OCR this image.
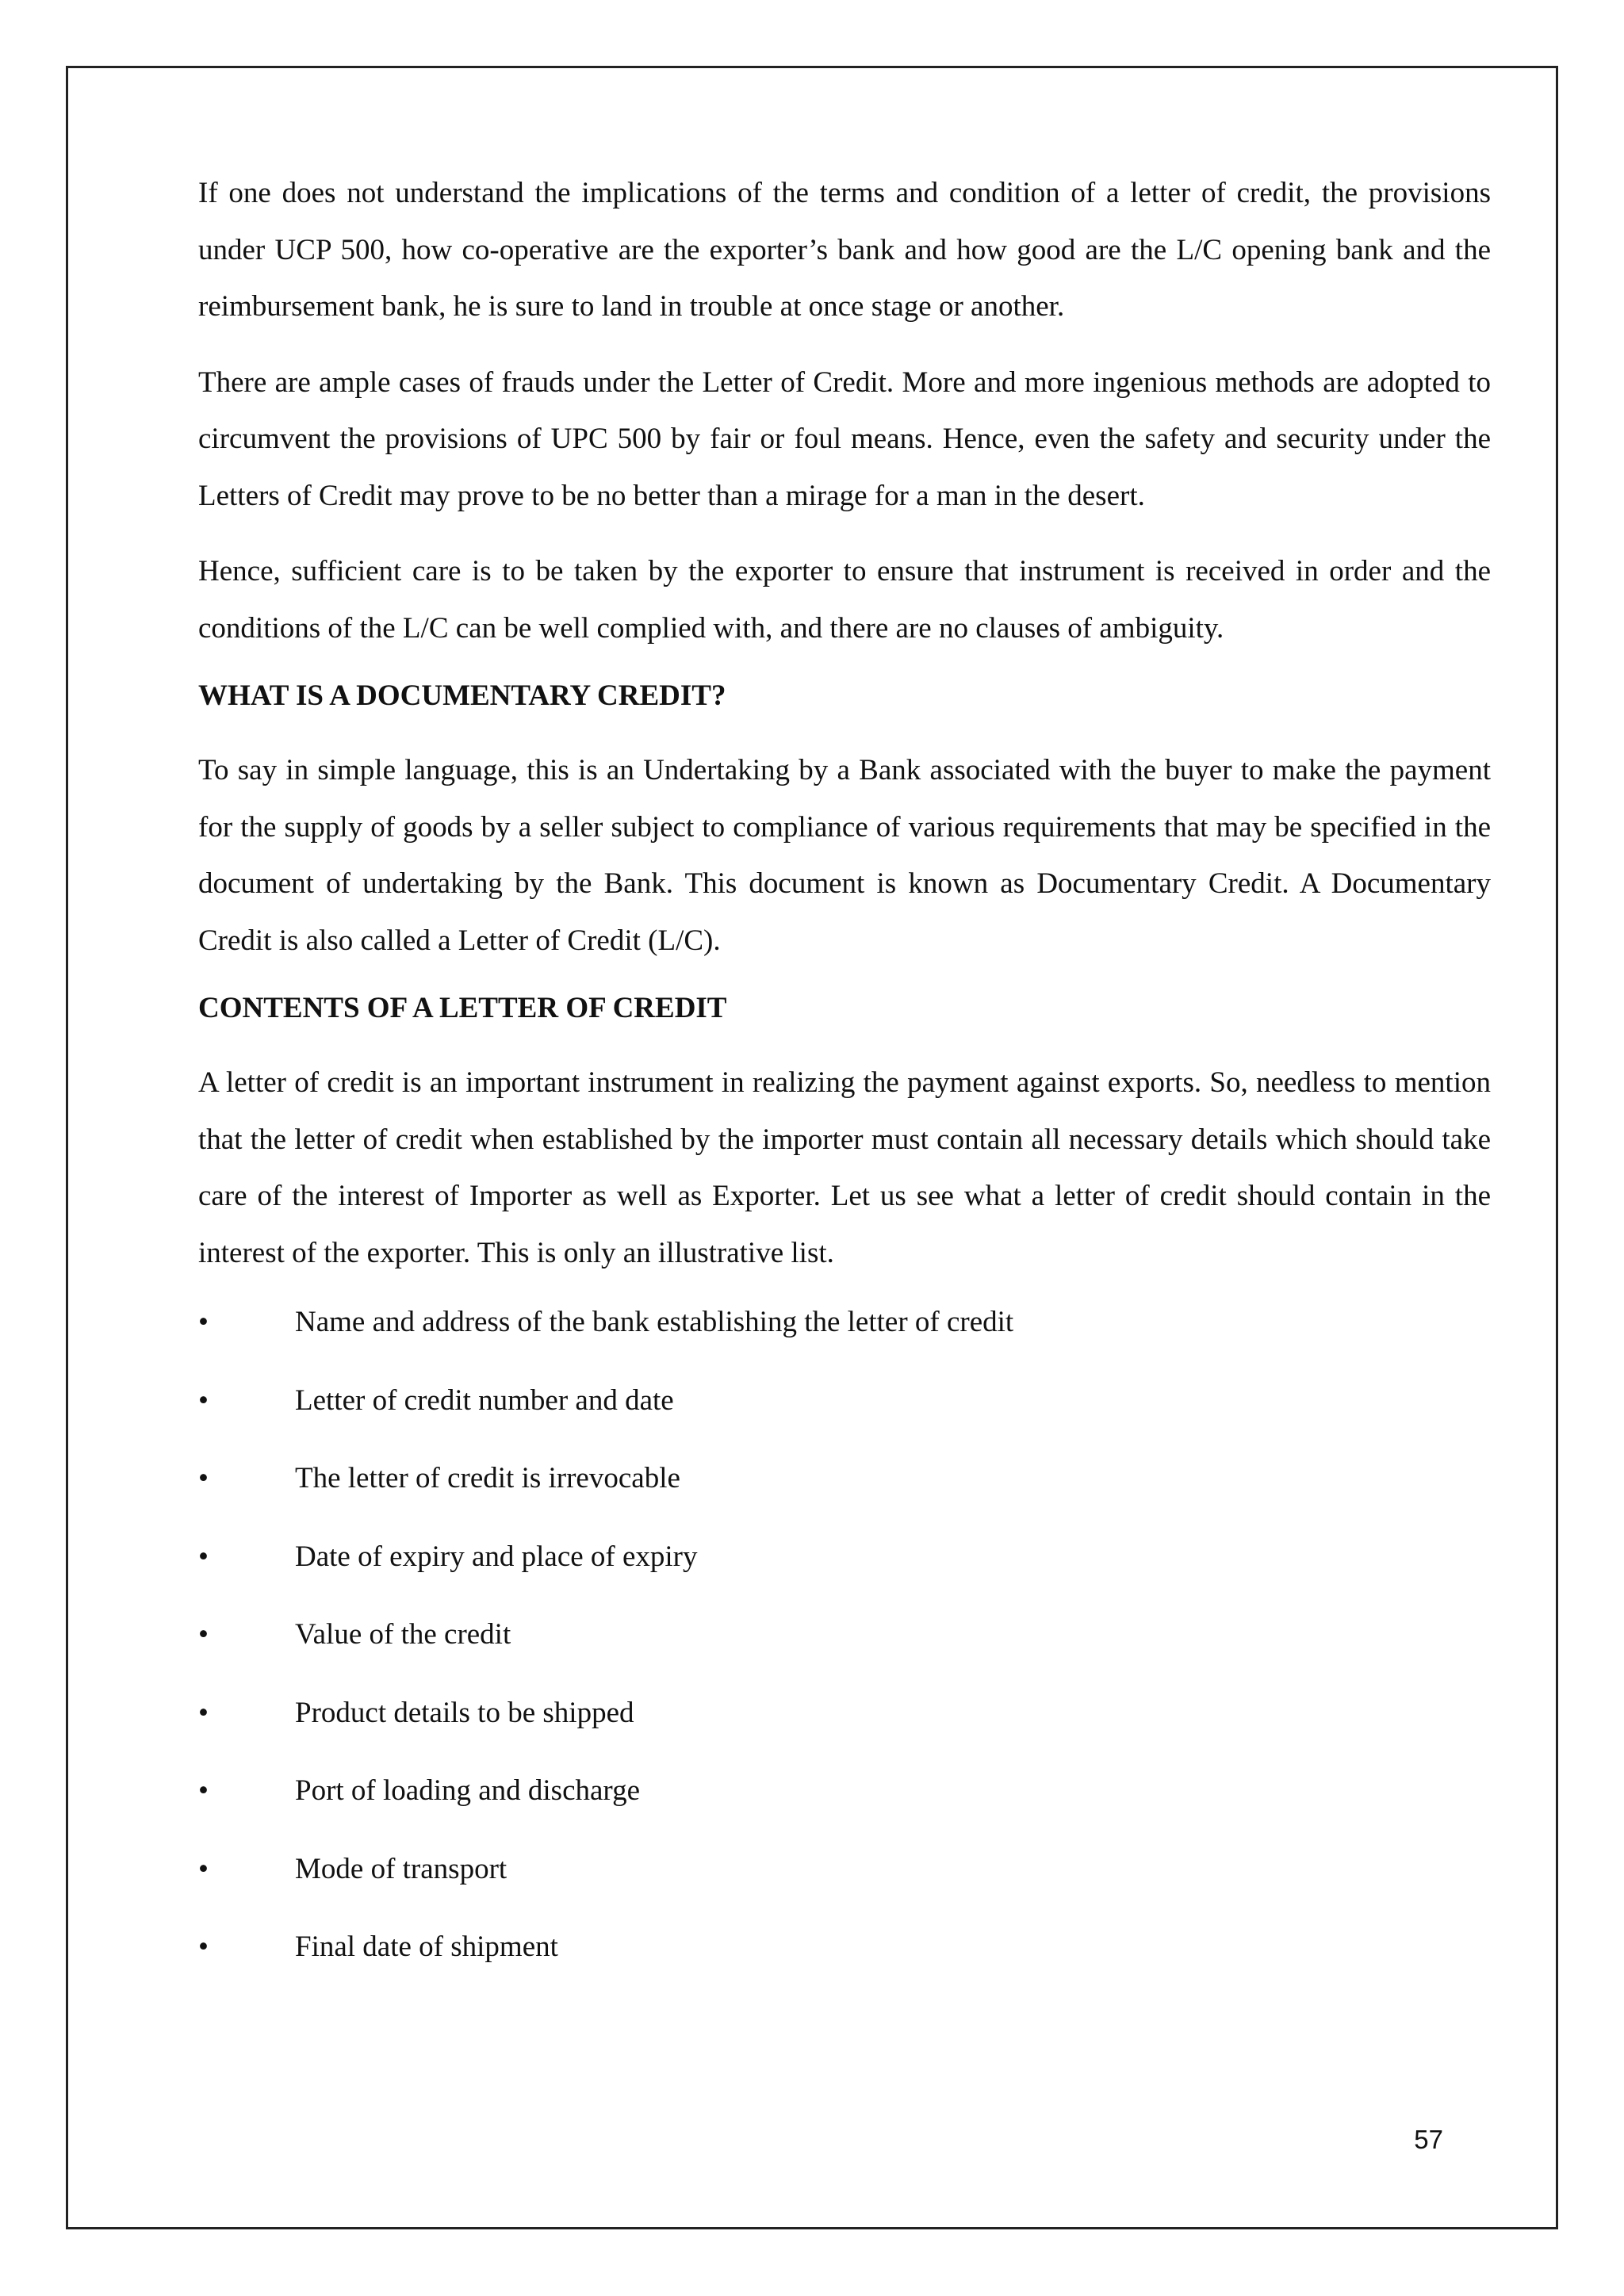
If one does not understand the implications of the terms and condition of a letter of credit, the provisions under UCP 500, how co-operative are the exporter’s bank and how good are the L/C opening bank and the reimbursement bank, he is sure to land in trouble at once stage or another.

There are ample cases of frauds under the Letter of Credit. More and more ingenious methods are adopted to circumvent the provisions of UPC 500 by fair or foul means. Hence, even the safety and security under the Letters of Credit may prove to be no better than a mirage for a man in the desert.

Hence, sufficient care is to be taken by the exporter to ensure that instrument is received in order and the conditions of the L/C can be well complied with, and there are no clauses of ambiguity.

WHAT IS A DOCUMENTARY CREDIT?

To say in simple language, this is an Undertaking by a Bank associated with the buyer to make the payment for the supply of goods by a seller subject to compliance of various requirements that may be specified in the document of undertaking by the Bank. This document is known as Documentary Credit. A Documentary Credit is also called a Letter of Credit (L/C).

CONTENTS OF A LETTER OF CREDIT

A letter of credit is an important instrument in realizing the payment against exports. So, needless to mention that the letter of credit when established by the importer must contain all necessary details which should take care of the interest of Importer as well as Exporter. Let us see what a letter of credit should contain in the interest of the exporter. This is only an illustrative list.

•	Name and address of the bank establishing the letter of credit
•	Letter of credit number and date
•	The letter of credit is irrevocable
•	Date of expiry and place of expiry
•	Value of the credit
•	Product details to be shipped
•	Port of loading and discharge
•	Mode of transport
•	Final date of shipment
57
